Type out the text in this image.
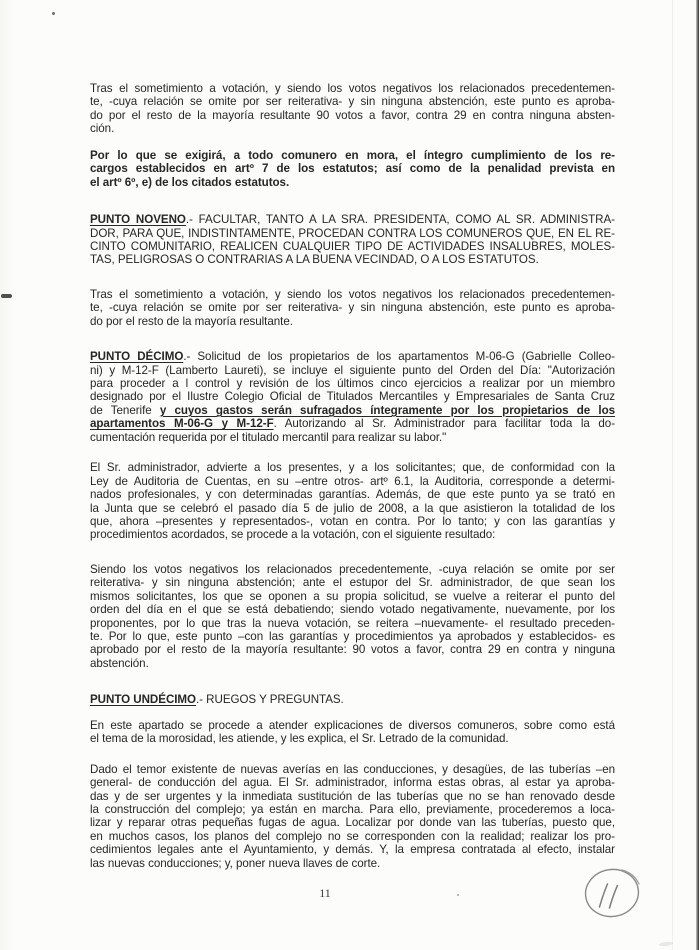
Tras el sometimiento a votación, y siendo los votos negativos los relacionados precedentemen-
te, -cuya relación se omite por ser reiterativa- y sin ninguna abstención, este punto es aproba-
do por el resto de la mayoría resultante 90 votos a favor, contra 29 en contra ninguna absten-
ción.
Por lo que se exigirá, a todo comunero en mora, el íntegro cumplimiento de los re-
cargos establecidos en artº 7 de los estatutos; así como de la penalidad prevista en
el artº 6º, e) de los citados estatutos.
PUNTO NOVENO.- FACULTAR, TANTO A LA SRA. PRESIDENTA, COMO AL SR. ADMINISTRA-
DOR, PARA QUE, INDISTINTAMENTE, PROCEDAN CONTRA LOS COMUNEROS QUE, EN EL RE-
CINTO COMUNITARIO, REALICEN CUALQUIER TIPO DE ACTIVIDADES INSALUBRES, MOLES-
TAS, PELIGROSAS O CONTRARIAS A LA BUENA VECINDAD, O A LOS ESTATUTOS.
Tras el sometimiento a votación, y siendo los votos negativos los relacionados precedentemen-
te, -cuya relación se omite por ser reiterativa- y sin ninguna abstención, este punto es aproba-
do por el resto de la mayoría resultante.
PUNTO DÉCIMO.- Solicitud de los propietarios de los apartamentos M-06-G (Gabrielle Colleo-
ni) y M-12-F (Lamberto Laureti), se incluye el siguiente punto del Orden del Día: "Autorización
para proceder a l control y revisión de los últimos cinco ejercicios a realizar por un miembro
designado por el Ilustre Colegio Oficial de Titulados Mercantiles y Empresariales de Santa Cruz
de Tenerife y cuyos gastos serán sufragados íntegramente por los propietarios de los
apartamentos M-06-G y M-12-F. Autorizando al Sr. Administrador para facilitar toda la do-
cumentación requerida por el titulado mercantil para realizar su labor."
El Sr. administrador, advierte a los presentes, y a los solicitantes; que, de conformidad con la
Ley de Auditoria de Cuentas, en su –entre otros- artº 6.1, la Auditoria, corresponde a determi-
nados profesionales, y con determinadas garantías. Además, de que este punto ya se trató en
la Junta que se celebró el pasado día 5 de julio de 2008, a la que asistieron la totalidad de los
que, ahora –presentes y representados-, votan en contra. Por lo tanto; y con las garantías y
procedimientos acordados, se procede a la votación, con el siguiente resultado:
Siendo los votos negativos los relacionados precedentemente, -cuya relación se omite por ser
reiterativa- y sin ninguna abstención; ante el estupor del Sr. administrador, de que sean los
mismos solicitantes, los que se oponen a su propia solicitud, se vuelve a reiterar el punto del
orden del día en el que se está debatiendo; siendo votado negativamente, nuevamente, por los
proponentes, por lo que tras la nueva votación, se reitera –nuevamente- el resultado preceden-
te. Por lo que, este punto –con las garantías y procedimientos ya aprobados y establecidos- es
aprobado por el resto de la mayoría resultante: 90 votos a favor, contra 29 en contra y ninguna
abstención.
PUNTO UNDÉCIMO.- RUEGOS Y PREGUNTAS.
En este apartado se procede a atender explicaciones de diversos comuneros, sobre como está
el tema de la morosidad, les atiende, y les explica, el Sr. Letrado de la comunidad.
Dado el temor existente de nuevas averías en las conducciones, y desagües, de las tuberías –en
general- de conducción del agua. El Sr. administrador, informa estas obras, al estar ya aproba-
das y de ser urgentes y la inmediata sustitución de las tuberías que no se han renovado desde
la construcción del complejo; ya están en marcha. Para ello, previamente, procederemos a loca-
lizar y reparar otras pequeñas fugas de agua. Localizar por donde van las tuberías, puesto que,
en muchos casos, los planos del complejo no se corresponden con la realidad; realizar los pro-
cedimientos legales ante el Ayuntamiento, y demás. Y, la empresa contratada al efecto, instalar
las nuevas conducciones; y, poner nueva llaves de corte.
11
